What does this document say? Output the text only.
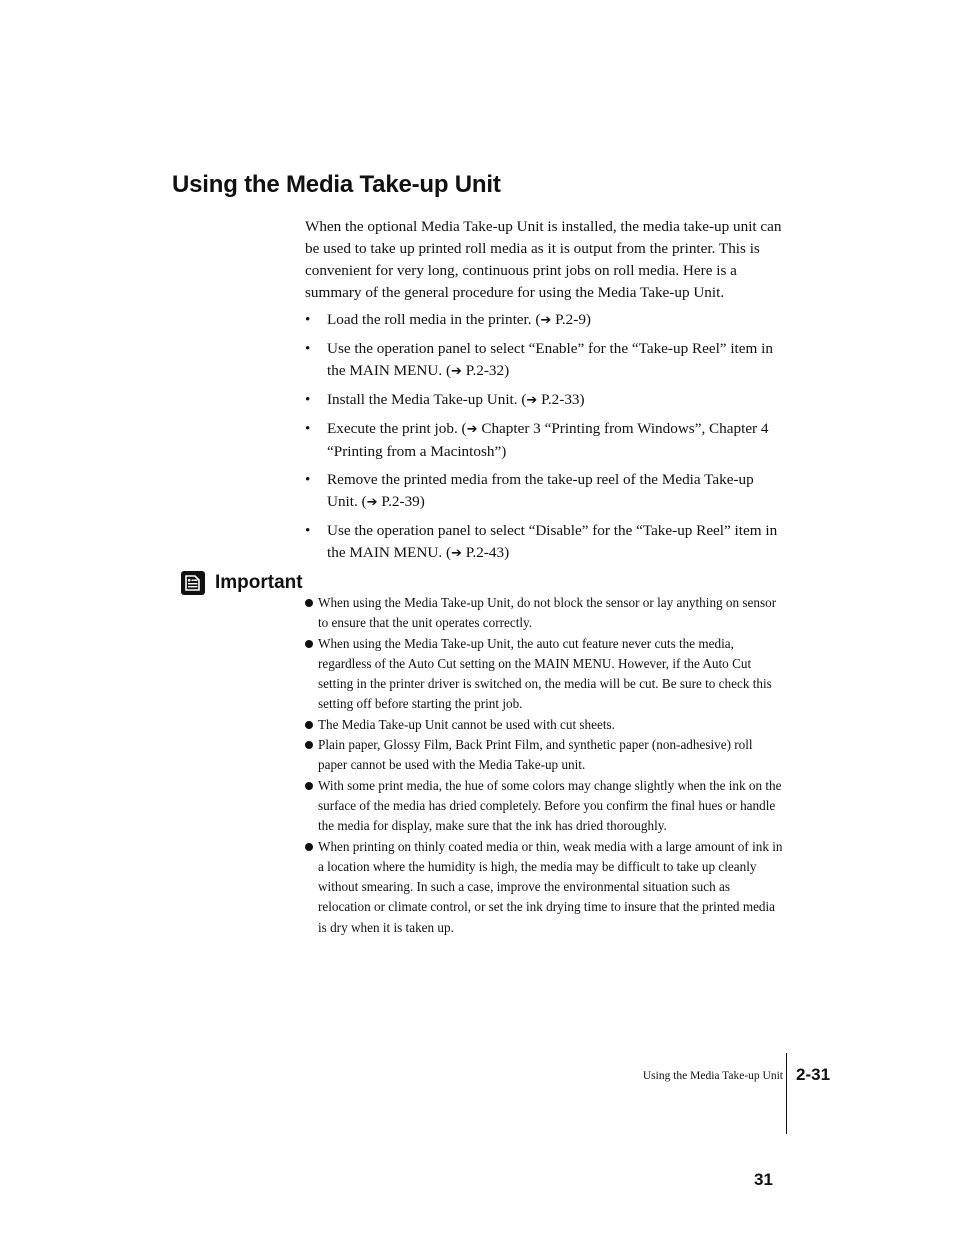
Using the Media Take-up Unit

When the optional Media Take-up Unit is installed, the media take-up unit can be used to take up printed roll media as it is output from the printer. This is convenient for very long, continuous print jobs on roll media. Here is a summary of the general procedure for using the Media Take-up Unit.

• Load the roll media in the printer. (➔ P.2-9)
• Use the operation panel to select “Enable” for the “Take-up Reel” item in the MAIN MENU. (➔ P.2-32)
• Install the Media Take-up Unit. (➔ P.2-33)
• Execute the print job. (➔ Chapter 3 “Printing from Windows”, Chapter 4 “Printing from a Macintosh”)
• Remove the printed media from the take-up reel of the Media Take-up Unit. (➔ P.2-39)
• Use the operation panel to select “Disable” for the “Take-up Reel” item in the MAIN MENU. (➔ P.2-43)
Important
When using the Media Take-up Unit, do not block the sensor or lay anything on sensor to ensure that the unit operates correctly.
When using the Media Take-up Unit, the auto cut feature never cuts the media, regardless of the Auto Cut setting on the MAIN MENU. However, if the Auto Cut setting in the printer driver is switched on, the media will be cut. Be sure to check this setting off before starting the print job.
The Media Take-up Unit cannot be used with cut sheets.
Plain paper, Glossy Film, Back Print Film, and synthetic paper (non-adhesive) roll paper cannot be used with the Media Take-up unit.
With some print media, the hue of some colors may change slightly when the ink on the surface of the media has dried completely. Before you confirm the final hues or handle the media for display, make sure that the ink has dried thoroughly.
When printing on thinly coated media or thin, weak media with a large amount of ink in a location where the humidity is high, the media may be difficult to take up cleanly without smearing. In such a case, improve the environmental situation such as relocation or climate control, or set the ink drying time to insure that the printed media is dry when it is taken up.
Using the Media Take-up Unit 2-31
31
